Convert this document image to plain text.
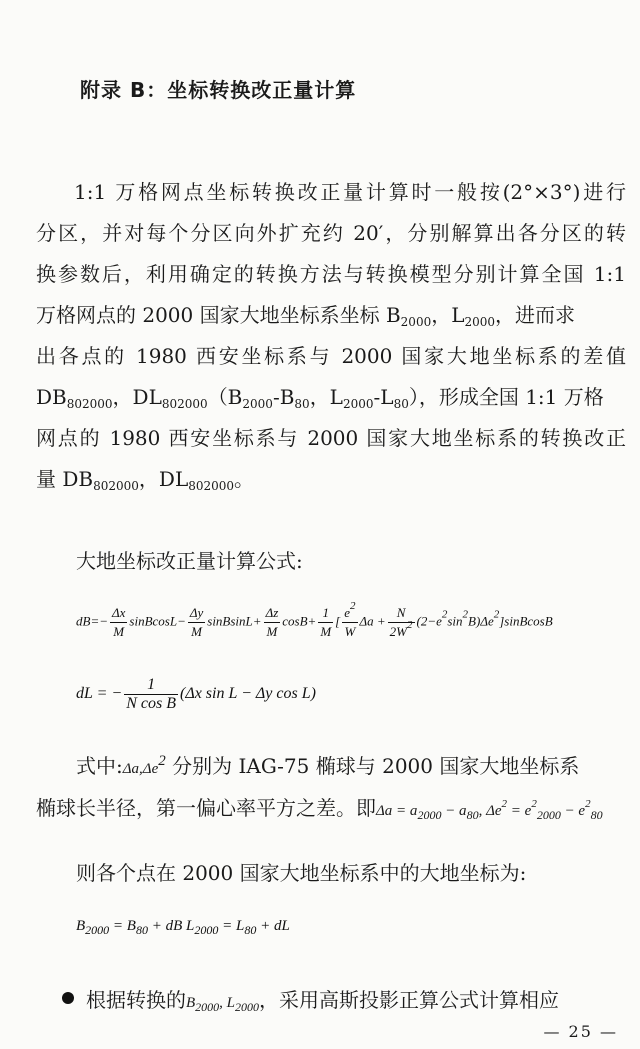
附录 B：坐标转换改正量计算
1:1 万格网点坐标转换改正量计算时一般按(2°×3°)进行
分区，并对每个分区向外扩充约 20′，分别解算出各分区的转
换参数后，利用确定的转换方法与转换模型分别计算全国 1:1
万格网点的 2000 国家大地坐标系坐标 $B_{2000}$，$L_{2000}$，进而求
出各点的 1980 西安坐标系与 2000 国家大地坐标系的差值
$DB_{802000}$，$DL_{802000}(B_{2000}-B_{80}$，$L_{2000}-L_{80}$），形成全国 1:1 万格
网点的 1980 西安坐标系与 2000 国家大地坐标系的转换改正
量 $DB_{802000}$，$DL_{802000}$。
大地坐标改正量计算公式:
$dB=- \frac{\Delta x}{M}$ sinBcosL− $\frac{\Delta y}{M}$ sinBsinL+ $\frac{\Delta z}{M} \cos B+ \frac{1}{M}$ [ $\frac{e^2}{W}$ $\Delta a + \frac{N}{2W^2}$ $(2-e^2\sin^2B)\Delta e^2]sinBcosB$
dL = − $\frac{1}{\text{N cos B}} (\Delta x$ sin L − Δy cos L)
式中$:\Delta a,\Delta e^2$ 分别为 IAG-75 椭球与 2000 国家大地坐标系
椭球长半径，第一偏心率平方之差。即$\Delta a = a_{2000} - a_{80}$, $\Delta e^2 = e^2_{2000} - e^2_{80}$
则各个点在 2000 国家大地坐标系中的大地坐标为:
$B_{2000} = B_{80}$ + dB $L_{2000} = L_{80}$ + dL
根据转换的$B_{2000}$, $L_{2000}$，采用高斯投影正算公式计算相应
— 25 —
